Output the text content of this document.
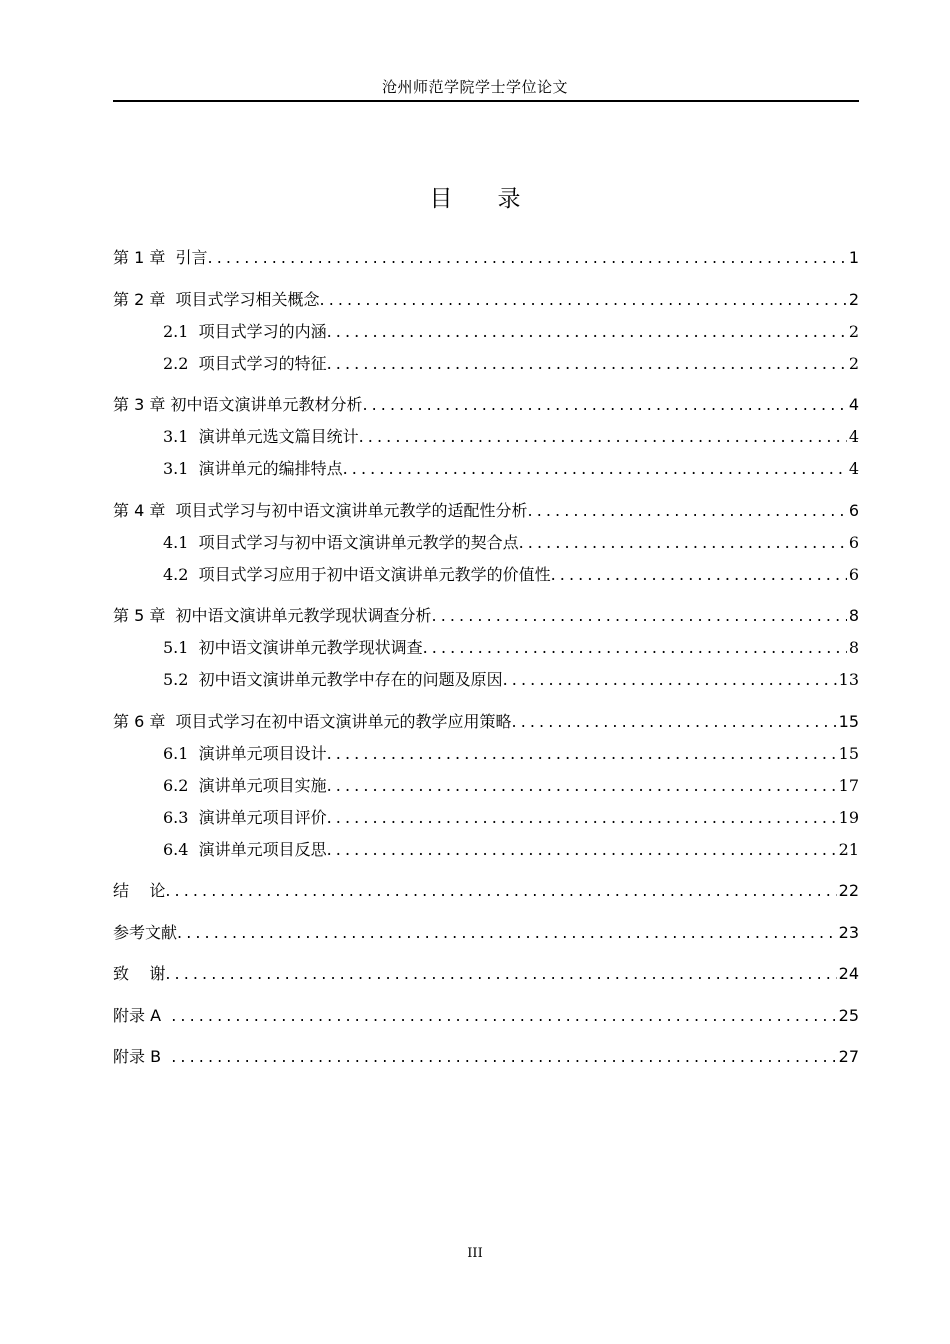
沧州师范学院学士学位论文
目录
第 1 章  引言 . . .	1
第 2 章  项目式学习相关概念 . . .	2
2.1  项目式学习的内涵 . . .	2
2.2  项目式学习的特征 . . .	2
第 3 章 初中语文演讲单元教材分析 . . .	4
3.1  演讲单元选文篇目统计 . . .	4
3.1  演讲单元的编排特点 . . .	4
第 4 章  项目式学习与初中语文演讲单元教学的适配性分析 . . .	6
4.1  项目式学习与初中语文演讲单元教学的契合点 . . .	6
4.2  项目式学习应用于初中语文演讲单元教学的价值性 . . .	6
第 5 章  初中语文演讲单元教学现状调查分析 . . .	8
5.1  初中语文演讲单元教学现状调查 . . .	8
5.2  初中语文演讲单元教学中存在的问题及原因 . . .	13
第 6 章  项目式学习在初中语文演讲单元的教学应用策略 . . .	15
6.1  演讲单元项目设计 . . .	15
6.2  演讲单元项目实施 . . .	17
6.3  演讲单元项目评价 . . .	19
6.4  演讲单元项目反思 . . .	21
结    论 . . .	22
参考文献 . . .	23
致    谢 . . .	24
附录 A . . .	25
附录 B . . .	27
III
